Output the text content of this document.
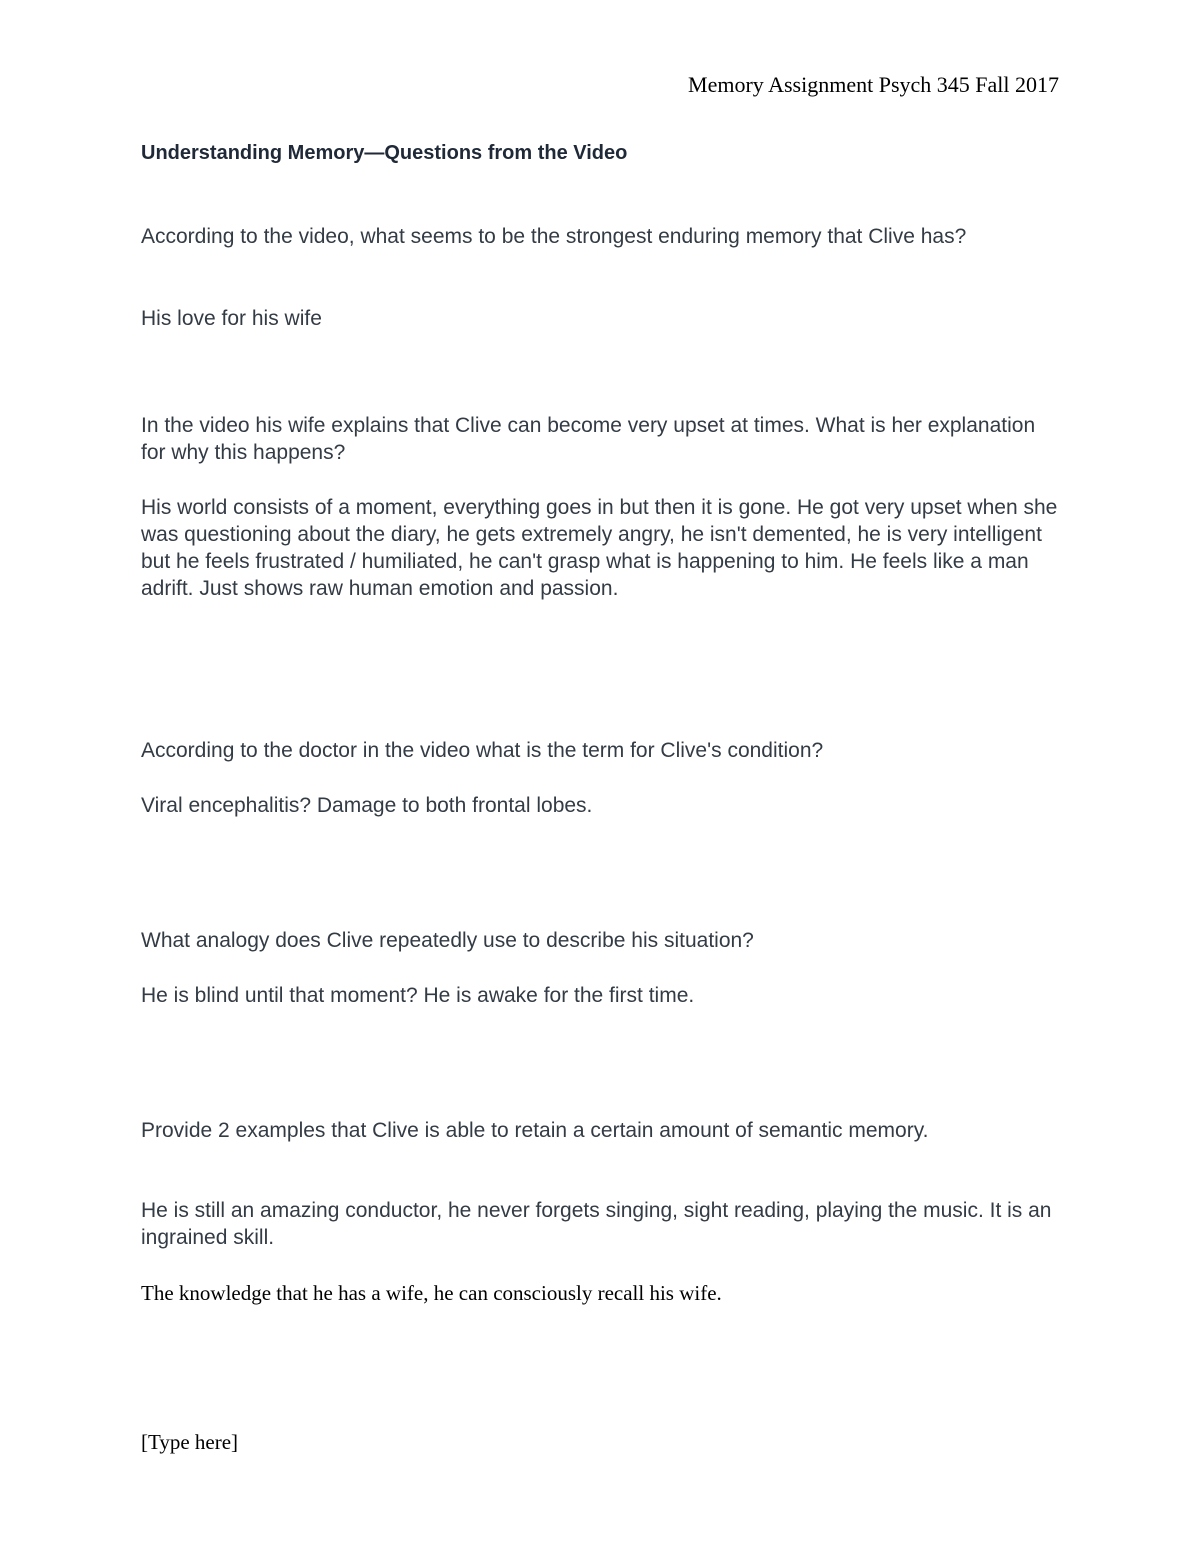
Memory Assignment Psych 345 Fall 2017
Understanding Memory—Questions from the Video

According to the video, what seems to be the strongest enduring memory that Clive has?

His love for his wife

In the video his wife explains that Clive can become very upset at times. What is her explanation for why this happens?

His world consists of a moment, everything goes in but then it is gone. He got very upset when she was questioning about the diary, he gets extremely angry, he isn't demented, he is very intelligent but he feels frustrated / humiliated, he can't grasp what is happening to him. He feels like a man adrift. Just shows raw human emotion and passion.

According to the doctor in the video what is the term for Clive's condition?

Viral encephalitis? Damage to both frontal lobes.

What analogy does Clive repeatedly use to describe his situation?

He is blind until that moment? He is awake for the first time.

Provide 2 examples that Clive is able to retain a certain amount of semantic memory.

He is still an amazing conductor, he never forgets singing, sight reading, playing the music. It is an ingrained skill.

The knowledge that he has a wife, he can consciously recall his wife.

[Type here]
